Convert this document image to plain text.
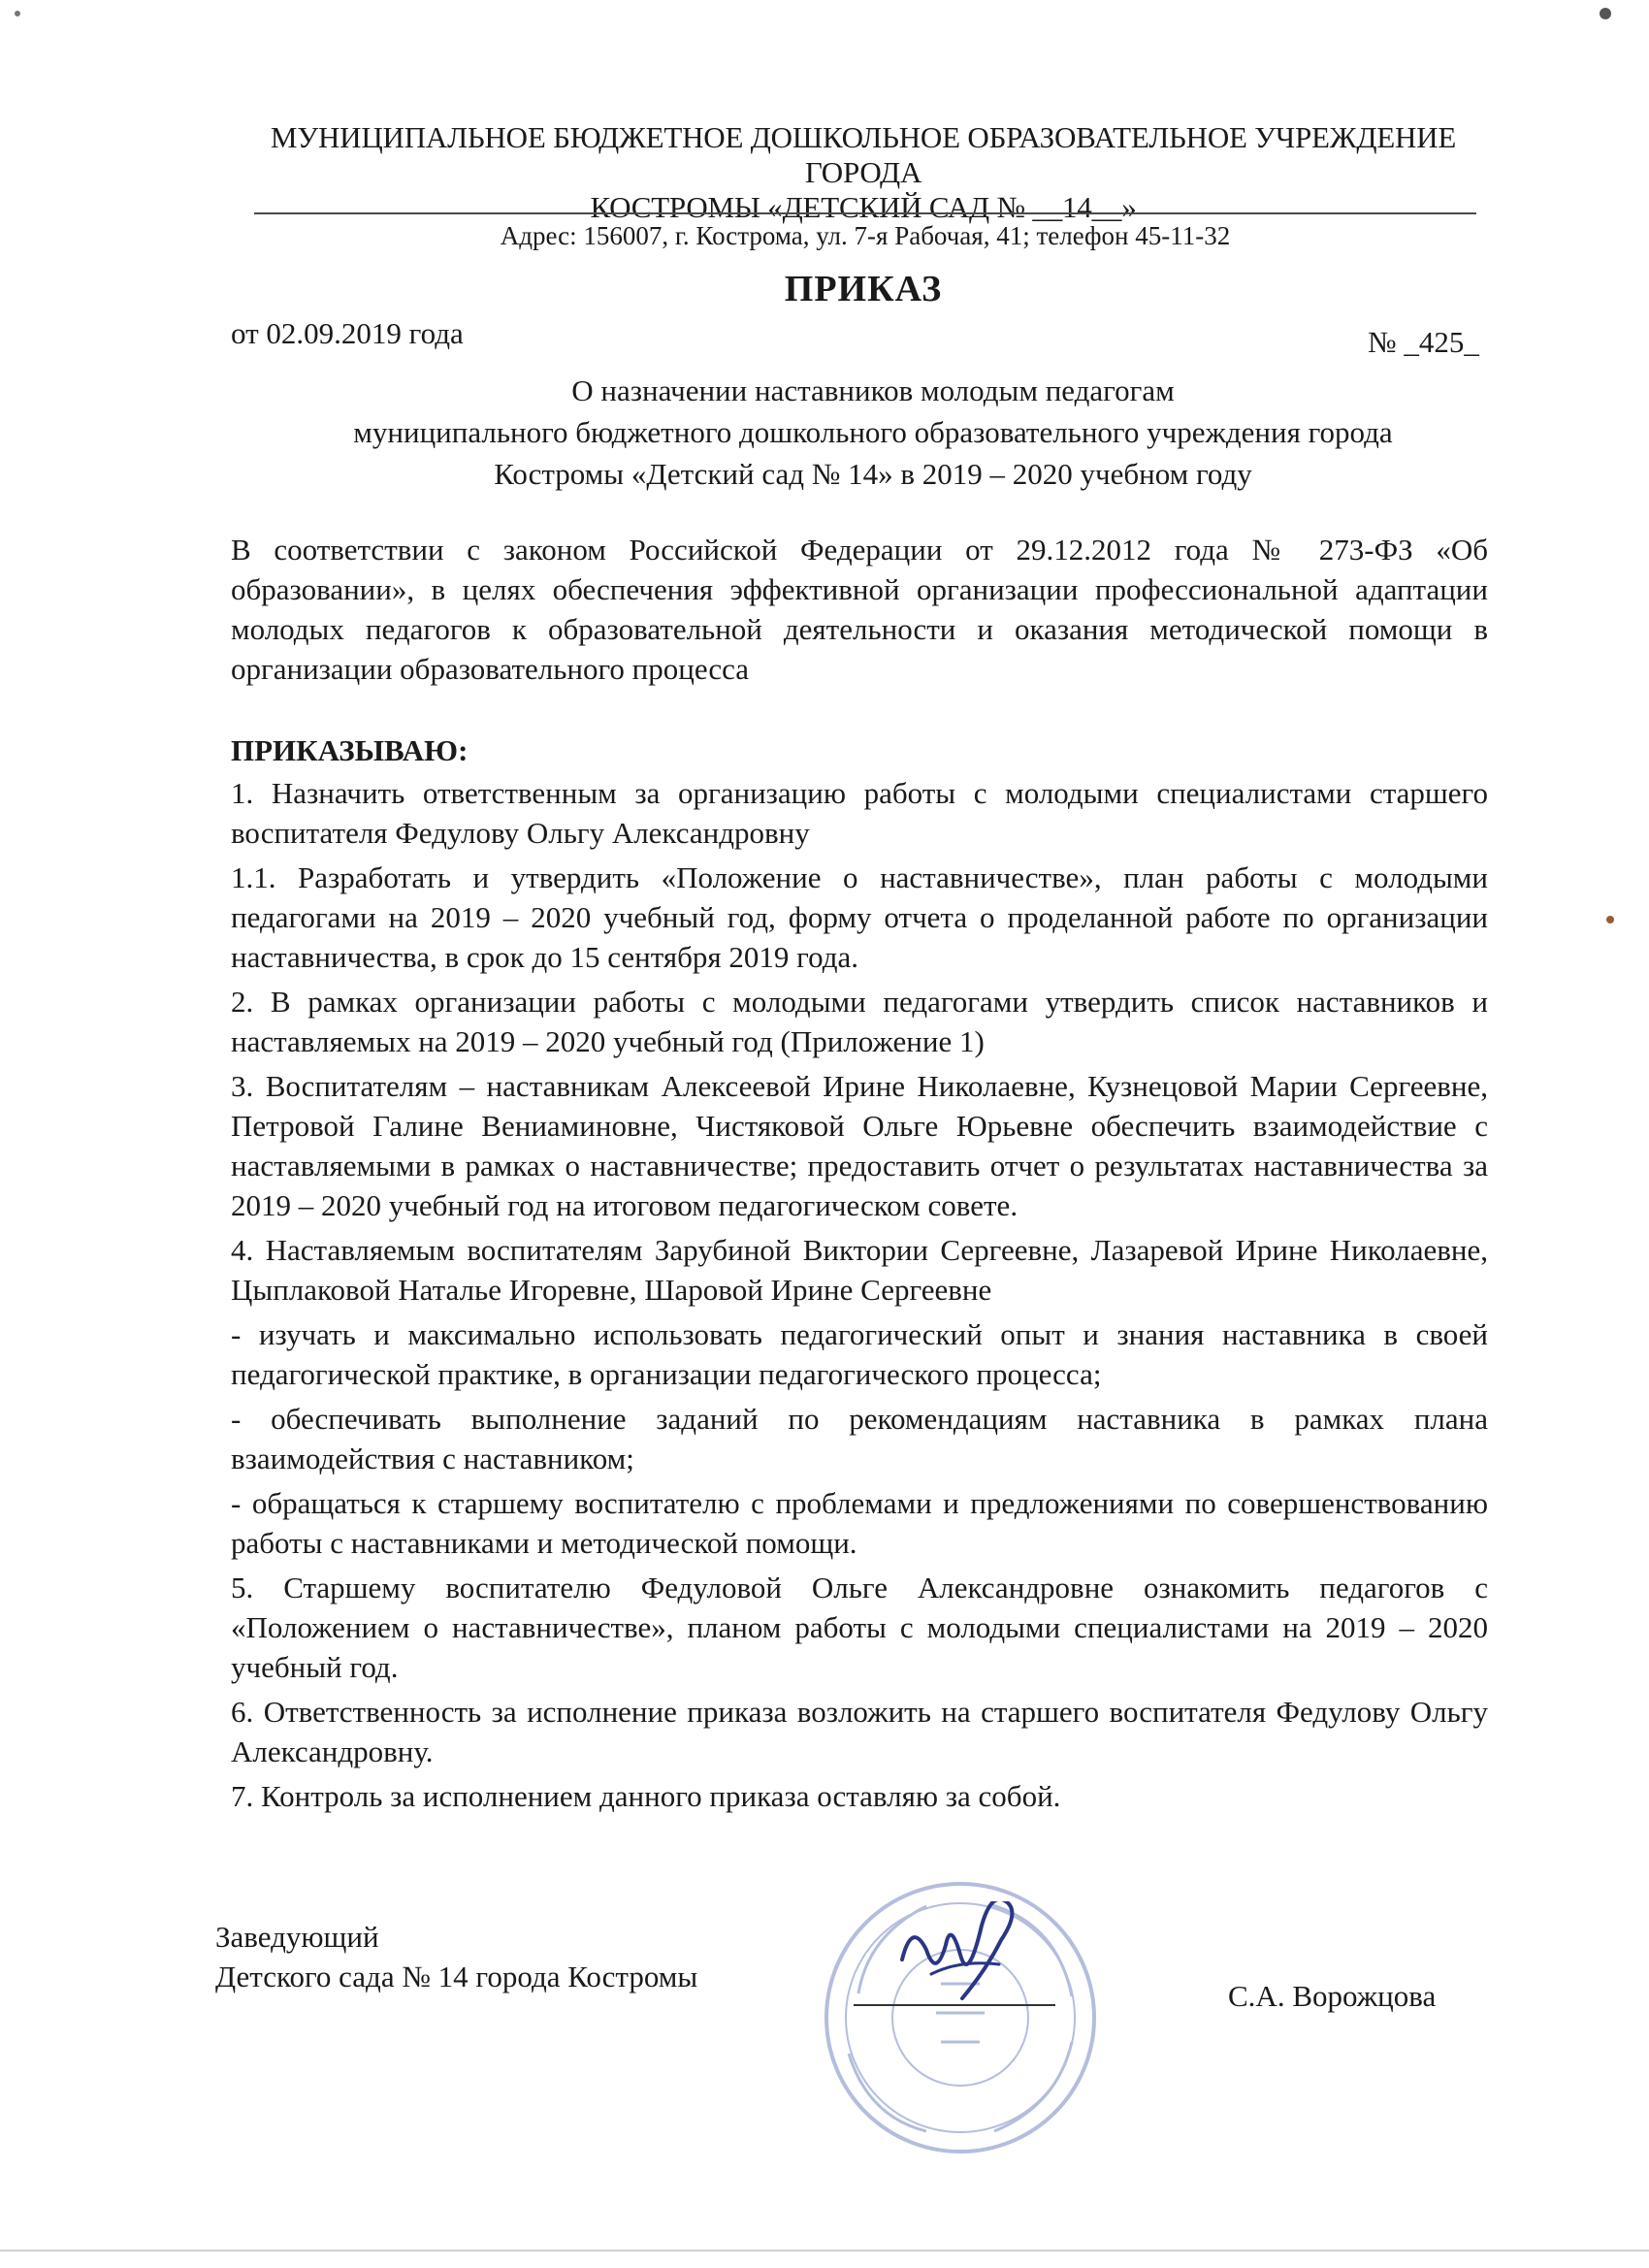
МУНИЦИПАЛЬНОЕ БЮДЖЕТНОЕ ДОШКОЛЬНОЕ ОБРАЗОВАТЕЛЬНОЕ УЧРЕЖДЕНИЕ ГОРОДА
КОСТРОМЫ «ДЕТСКИЙ САД № __14__»
Адрес: 156007, г. Кострома, ул. 7-я Рабочая, 41; телефон 45-11-32
ПРИКАЗ
от 02.09.2019 года	№ _425_
О назначении наставников молодым педагогам
муниципального бюджетного дошкольного образовательного учреждения города
Костромы «Детский сад № 14» в 2019 – 2020 учебном году
В соответствии с законом Российской Федерации от 29.12.2012 года № 273-ФЗ «Об образовании», в целях обеспечения эффективной организации профессиональной адаптации молодых педагогов к образовательной деятельности и оказания методической помощи в организации образовательного процесса
ПРИКАЗЫВАЮ:

1. Назначить ответственным за организацию работы с молодыми специалистами старшего воспитателя Федулову Ольгу Александровну

1.1. Разработать и утвердить «Положение о наставничестве», план работы с молодыми педагогами на 2019 – 2020 учебный год, форму отчета о проделанной работе по организации наставничества, в срок до 15 сентября 2019 года.

2. В рамках организации работы с молодыми педагогами утвердить список наставников и наставляемых на 2019 – 2020 учебный год (Приложение 1)

3. Воспитателям – наставникам Алексеевой Ирине Николаевне, Кузнецовой Марии Сергеевне, Петровой Галине Вениаминовне, Чистяковой Ольге Юрьевне обеспечить взаимодействие с наставляемыми в рамках о наставничестве; предоставить отчет о результатах наставничества за 2019 – 2020 учебный год на итоговом педагогическом совете.

4. Наставляемым воспитателям Зарубиной Виктории Сергеевне, Лазаревой Ирине Николаевне, Цыплаковой Наталье Игоревне, Шаровой Ирине Сергеевне

- изучать и максимально использовать педагогический опыт и знания наставника в своей педагогической практике, в организации педагогического процесса;

- обеспечивать выполнение заданий по рекомендациям наставника в рамках плана взаимодействия с наставником;

- обращаться к старшему воспитателю с проблемами и предложениями по совершенствованию работы с наставниками и методической помощи.

5. Старшему воспитателю Федуловой Ольге Александровне ознакомить педагогов с «Положением о наставничестве», планом работы с молодыми специалистами на 2019 – 2020 учебный год.

6. Ответственность за исполнение приказа возложить на старшего воспитателя Федулову Ольгу Александровну.

7. Контроль за исполнением данного приказа оставляю за собой.

Заведующий
Детского сада № 14 города Костромы
С.А. Ворожцова
